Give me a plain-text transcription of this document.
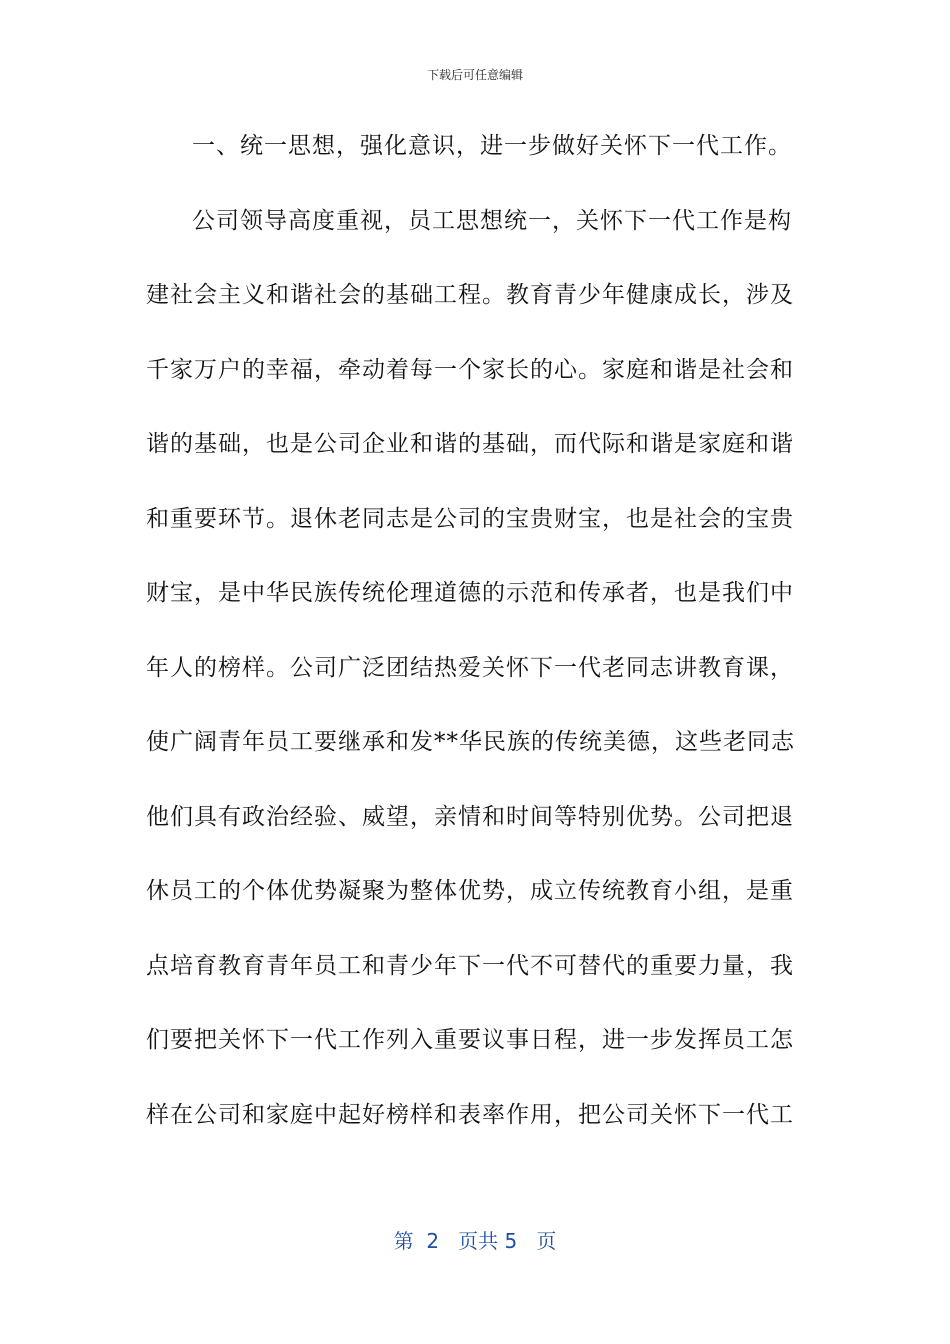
下载后可任意编辑
一、统一思想，强化意识，进一步做好关怀下一代工作。
公司领导高度重视，员工思想统一，关怀下一代工作是构
建社会主义和谐社会的基础工程。教育青少年健康成长，涉及
千家万户的幸福，牵动着每一个家长的心。家庭和谐是社会和
谐的基础，也是公司企业和谐的基础，而代际和谐是家庭和谐
和重要环节。退休老同志是公司的宝贵财宝，也是社会的宝贵
财宝，是中华民族传统伦理道德的示范和传承者，也是我们中
年人的榜样。公司广泛团结热爱关怀下一代老同志讲教育课，
使广阔青年员工要继承和发**华民族的传统美德，这些老同志
他们具有政治经验、威望，亲情和时间等特别优势。公司把退
休员工的个体优势凝聚为整体优势，成立传统教育小组，是重
点培育教育青年员工和青少年下一代不可替代的重要力量，我
们要把关怀下一代工作列入重要议事日程，进一步发挥员工怎
样在公司和家庭中起好榜样和表率作用，把公司关怀下一代工
第 2 页共 5 页
